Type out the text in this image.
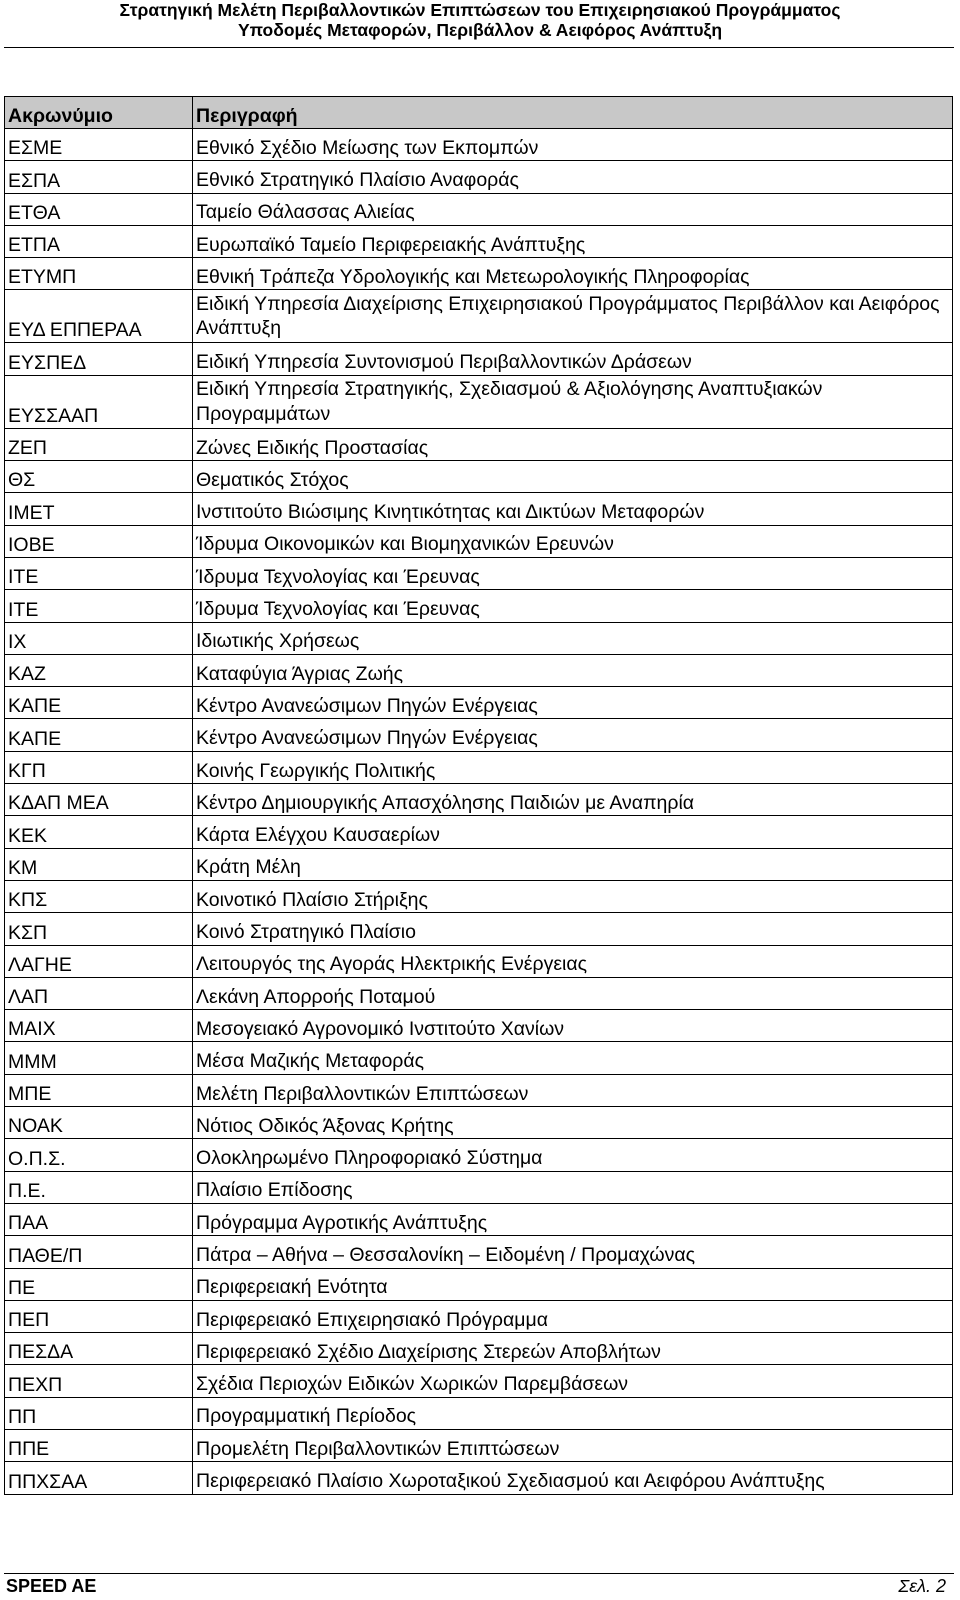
Στρατηγική Μελέτη Περιβαλλοντικών Επιπτώσεων του Επιχειρησιακού Προγράμματος
Υποδομές Μεταφορών, Περιβάλλον & Αειφόρος Ανάπτυξη
Ακρωνύμιο	Περιγραφή
ΕΣΜΕ	Εθνικό Σχέδιο Μείωσης των Εκπομπών
ΕΣΠΑ	Εθνικό Στρατηγικό Πλαίσιο Αναφοράς
ΕΤΘΑ	Ταμείο Θάλασσας Αλιείας
ΕΤΠΑ	Ευρωπαϊκό Ταμείο Περιφερειακής Ανάπτυξης
ΕΤΥΜΠ	Εθνική Τράπεζα Υδρολογικής και Μετεωρολογικής Πληροφορίας
ΕΥΔ ΕΠΠΕΡΑΑ	Ειδική Υπηρεσία Διαχείρισης Επιχειρησιακού Προγράμματος Περιβάλλον και Αειφόρος Ανάπτυξη
ΕΥΣΠΕΔ	Ειδική Υπηρεσία Συντονισμού Περιβαλλοντικών Δράσεων
ΕΥΣΣΑΑΠ	Ειδική Υπηρεσία Στρατηγικής, Σχεδιασμού & Αξιολόγησης Αναπτυξιακών Προγραμμάτων
ΖΕΠ	Ζώνες Ειδικής Προστασίας
ΘΣ	Θεματικός Στόχος
ΙΜΕΤ	Ινστιτούτο Βιώσιμης Κινητικότητας και Δικτύων Μεταφορών
ΙΟΒΕ	Ίδρυμα Οικονομικών και Βιομηχανικών Ερευνών
ΙΤΕ	Ίδρυμα Τεχνολογίας και Έρευνας
ΙΤΕ	Ίδρυμα Τεχνολογίας και Έρευνας
ΙΧ	Ιδιωτικής Χρήσεως
ΚΑΖ	Καταφύγια Άγριας Ζωής
ΚΑΠΕ	Κέντρο Ανανεώσιμων Πηγών Ενέργειας
ΚΑΠΕ	Κέντρο Ανανεώσιμων Πηγών Ενέργειας
ΚΓΠ	Κοινής Γεωργικής Πολιτικής
ΚΔΑΠ ΜΕΑ	Κέντρο Δημιουργικής Απασχόλησης Παιδιών με Αναπηρία
ΚΕΚ	Κάρτα Ελέγχου Καυσαερίων
ΚΜ	Κράτη Μέλη
ΚΠΣ	Κοινοτικό Πλαίσιο Στήριξης
ΚΣΠ	Κοινό Στρατηγικό Πλαίσιο
ΛΑΓΗΕ	Λειτουργός της Αγοράς Ηλεκτρικής Ενέργειας
ΛΑΠ	Λεκάνη Απορροής Ποταμού
ΜΑΙΧ	Μεσογειακό Αγρονομικό Ινστιτούτο Χανίων
ΜΜΜ	Μέσα Μαζικής Μεταφοράς
ΜΠΕ	Μελέτη Περιβαλλοντικών Επιπτώσεων
ΝΟΑΚ	Νότιος Οδικός Άξονας Κρήτης
Ο.Π.Σ.	Ολοκληρωμένο Πληροφοριακό Σύστημα
Π.Ε.	Πλαίσιο Επίδοσης
ΠΑΑ	Πρόγραμμα Αγροτικής Ανάπτυξης
ΠΑΘΕ/Π	Πάτρα – Αθήνα – Θεσσαλονίκη – Ειδομένη / Προμαχώνας
ΠΕ	Περιφερειακή Ενότητα
ΠΕΠ	Περιφερειακό Επιχειρησιακό Πρόγραμμα
ΠΕΣΔΑ	Περιφερειακό Σχέδιο Διαχείρισης Στερεών Αποβλήτων
ΠΕΧΠ	Σχέδια Περιοχών Ειδικών Χωρικών Παρεμβάσεων
ΠΠ	Προγραμματική Περίοδος
ΠΠΕ	Προμελέτη Περιβαλλοντικών Επιπτώσεων
ΠΠΧΣΑΑ	Περιφερειακό Πλαίσιο Χωροταξικού Σχεδιασμού και Αειφόρου Ανάπτυξης
SPEED AE	Σελ. 2
